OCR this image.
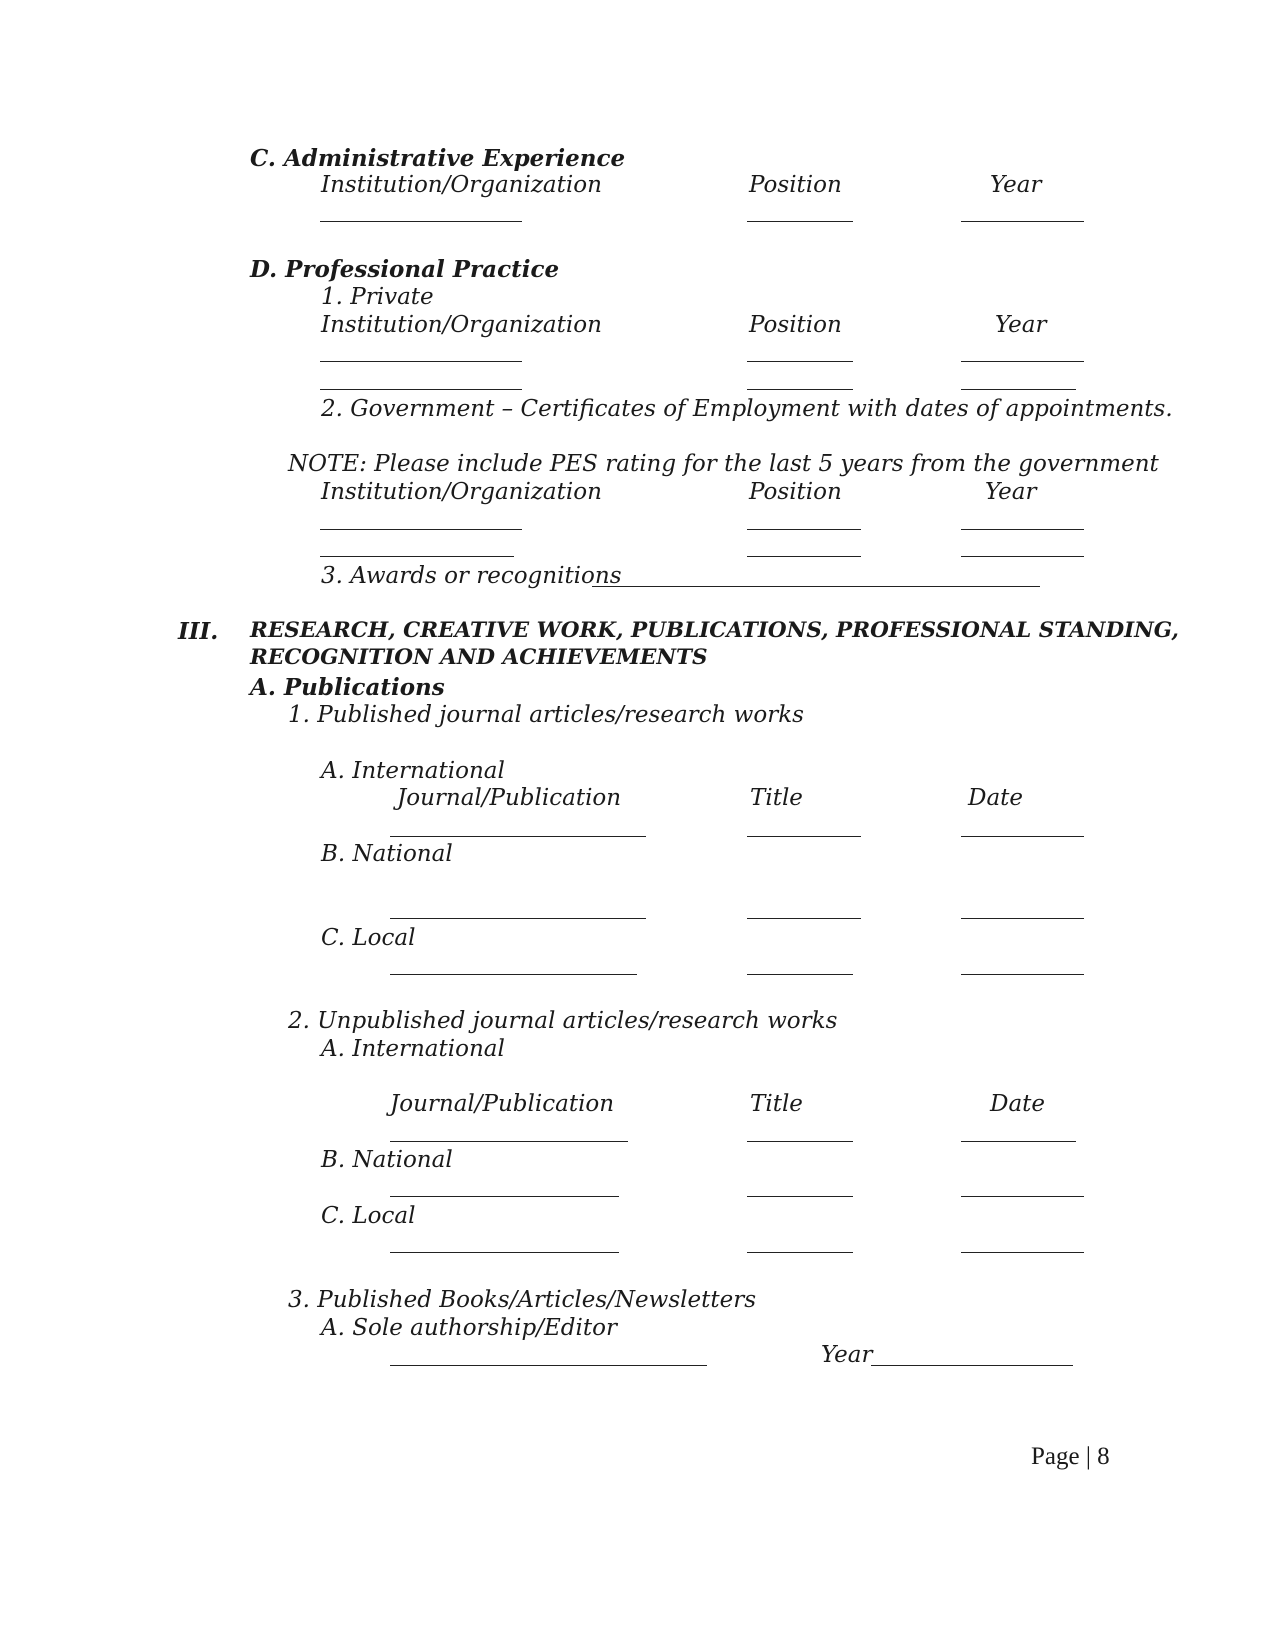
C. Administrative Experience
Institution/Organization	Position	Year
D. Professional Practice
1. Private
Institution/Organization	Position	Year
2. Government – Certificates of Employment with dates of appointments.
NOTE: Please include PES rating for the last 5 years from the government
Institution/Organization	Position	Year
3. Awards or recognitions
III. RESEARCH, CREATIVE WORK, PUBLICATIONS, PROFESSIONAL STANDING,
RECOGNITION AND ACHIEVEMENTS
A. Publications
1. Published journal articles/research works
A. International
Journal/Publication	Title	Date
B. National
C. Local
2. Unpublished journal articles/research works
A. International
Journal/Publication	Title	Date
B. National
C. Local
3. Published Books/Articles/Newsletters
A. Sole authorship/Editor
Year
Page | 8
